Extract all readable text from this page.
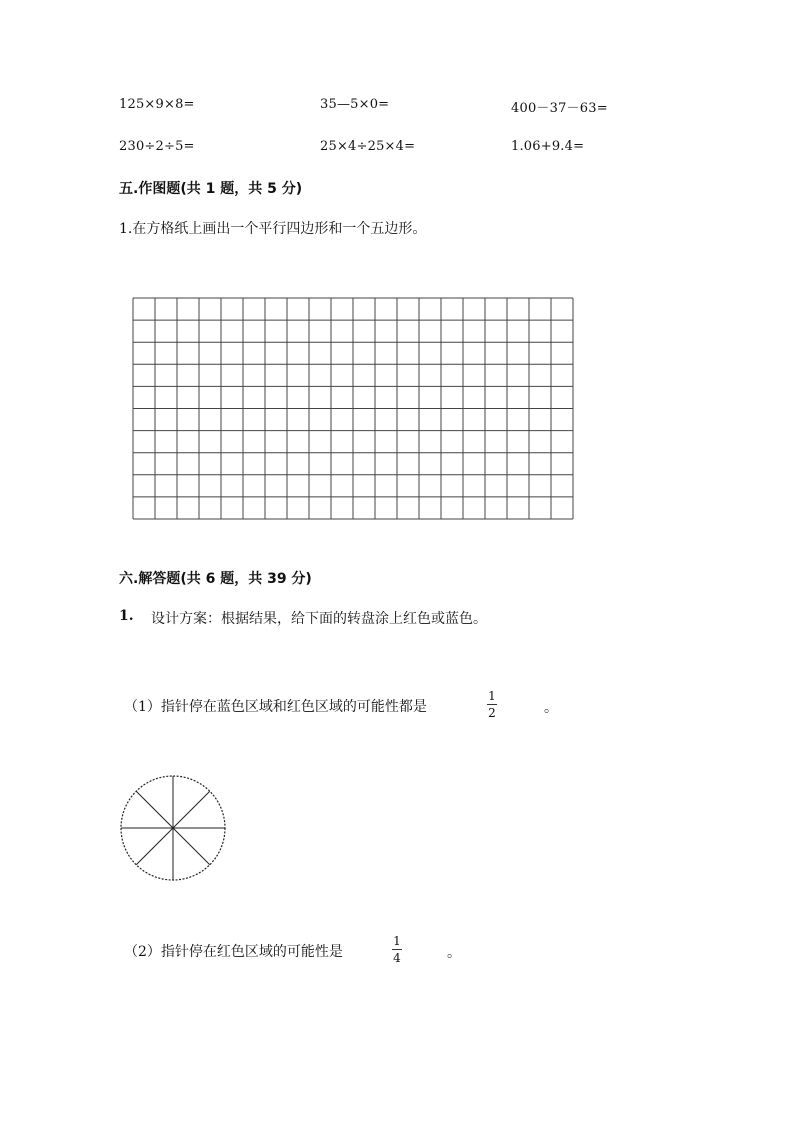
125×9×8=	35—5×0=	400－37－63=
230÷2÷5=	25×4÷25×4=	1.06+9.4=
五.作图题(共 1 题，共 5 分)
1.在方格纸上画出一个平行四边形和一个五边形。
六.解答题(共 6 题，共 39 分)
1. 设计方案：根据结果，给下面的转盘涂上红色或蓝色。
（1）指针停在蓝色区域和红色区域的可能性都是
1
2	。
（2）指针停在红色区域的可能性是
1
4	。
